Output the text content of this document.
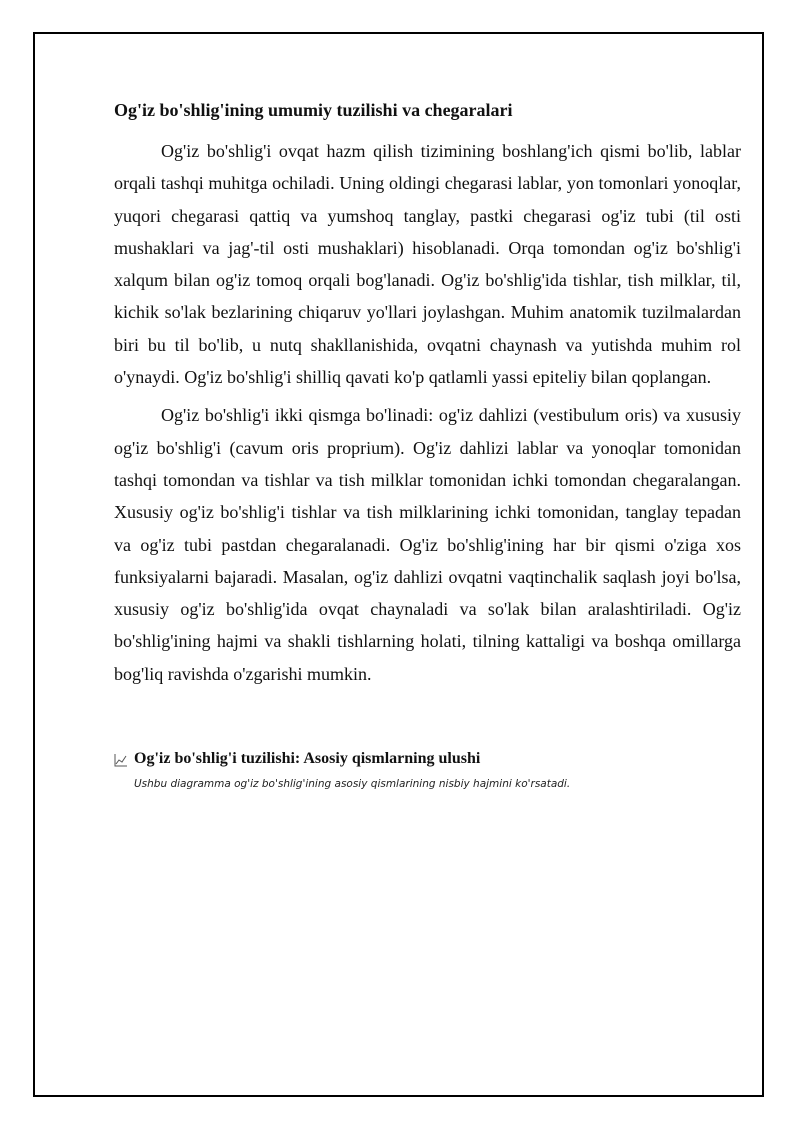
Og'iz bo'shlig'ining umumiy tuzilishi va chegaralari

Og'iz bo'shlig'i ovqat hazm qilish tizimining boshlang'ich qismi bo'lib, lablar orqali tashqi muhitga ochiladi. Uning oldingi chegarasi lablar, yon tomonlari yonoqlar, yuqori chegarasi qattiq va yumshoq tanglay, pastki chegarasi og'iz tubi (til osti mushaklari va jag'-til osti mushaklari) hisoblanadi. Orqa tomondan og'iz bo'shlig'i xalqum bilan og'iz tomoq orqali bog'lanadi. Og'iz bo'shlig'ida tishlar, tish milklar, til, kichik so'lak bezlarining chiqaruv yo'llari joylashgan. Muhim anatomik tuzilmalardan biri bu til bo'lib, u nutq shakllanishida, ovqatni chaynash va yutishda muhim rol o'ynaydi. Og'iz bo'shlig'i shilliq qavati ko'p qatlamli yassi epiteliy bilan qoplangan.

Og'iz bo'shlig'i ikki qismga bo'linadi: og'iz dahlizi (vestibulum oris) va xususiy og'iz bo'shlig'i (cavum oris proprium). Og'iz dahlizi lablar va yonoqlar tomonidan tashqi tomondan va tishlar va tish milklar tomonidan ichki tomondan chegaralangan. Xususiy og'iz bo'shlig'i tishlar va tish milklarining ichki tomonidan, tanglay tepadan va og'iz tubi pastdan chegaralanadi. Og'iz bo'shlig'ining har bir qismi o'ziga xos funksiyalarni bajaradi. Masalan, og'iz dahlizi ovqatni vaqtinchalik saqlash joyi bo'lsa, xususiy og'iz bo'shlig'ida ovqat chaynaladi va so'lak bilan aralashtiriladi. Og'iz bo'shlig'ining hajmi va shakli tishlarning holati, tilning kattaligi va boshqa omillarga bog'liq ravishda o'zgarishi mumkin.

Og'iz bo'shlig'i tuzilishi: Asosiy qismlarning ulushi
Ushbu diagramma og'iz bo'shlig'ining asosiy qismlarining nisbiy hajmini ko'rsatadi.
